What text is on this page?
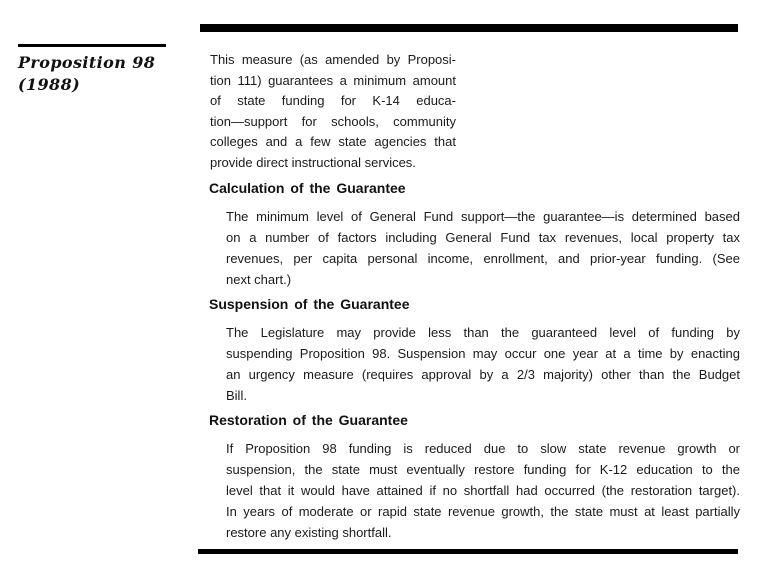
Proposition 98
(1988)
This measure (as amended by Proposi-
tion 111) guarantees a minimum amount
of state funding for K-14 educa-
tion—support for schools, community
colleges and a few state agencies that
provide direct instructional services.
Calculation of the Guarantee
The minimum level of General Fund support—the guarantee—is determined based
on a number of factors including General Fund tax revenues, local property tax
revenues, per capita personal income, enrollment, and prior-year funding. (See
next chart.)
Suspension of the Guarantee
The Legislature may provide less than the guaranteed level of funding by
suspending Proposition 98. Suspension may occur one year at a time by enacting
an urgency measure (requires approval by a 2/3 majority) other than the Budget
Bill.
Restoration of the Guarantee
If Proposition 98 funding is reduced due to slow state revenue growth or
suspension, the state must eventually restore funding for K-12 education to the
level that it would have attained if no shortfall had occurred (the restoration target).
In years of moderate or rapid state revenue growth, the state must at least partially
restore any existing shortfall.
